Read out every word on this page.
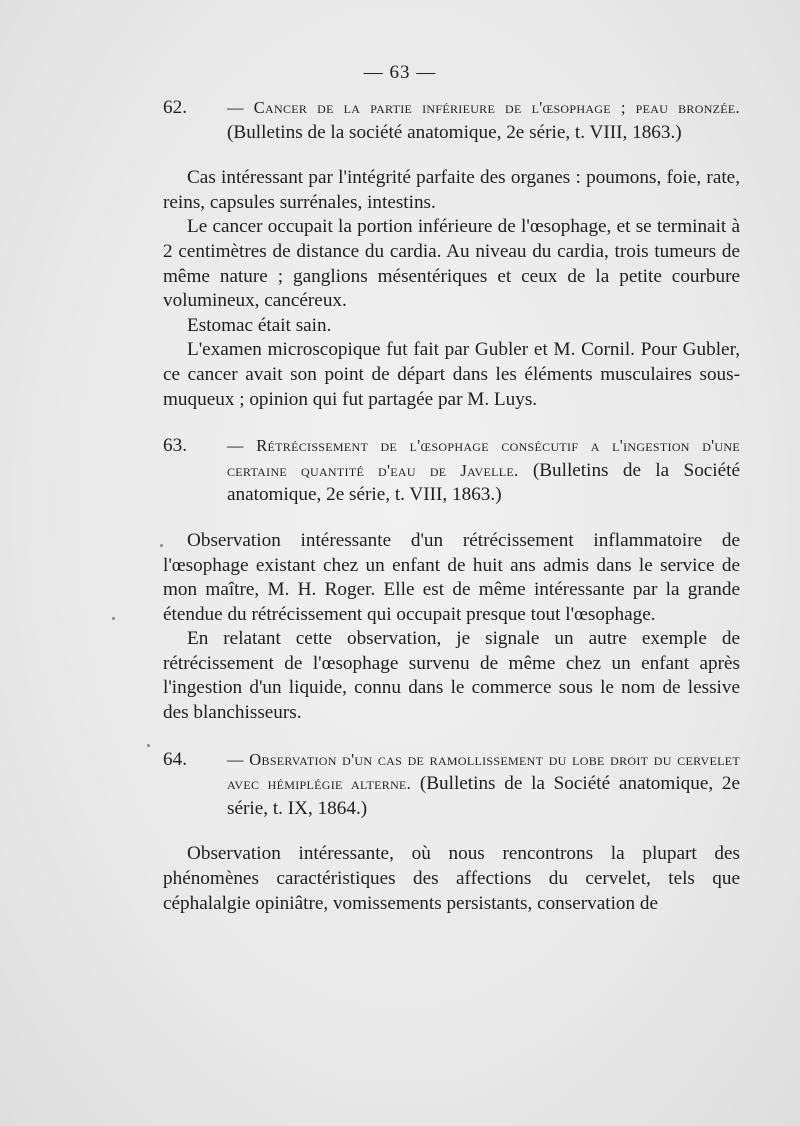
— 63 —

62. — Cancer de la partie inférieure de l'œsophage ; peau bronzée. (Bulletins de la société anatomique, 2e série, t. VIII, 1863.)

Cas intéressant par l'intégrité parfaite des organes : poumons, foie, rate, reins, capsules surrénales, intestins.

Le cancer occupait la portion inférieure de l'œsophage, et se terminait à 2 centimètres de distance du cardia. Au niveau du cardia, trois tumeurs de même nature ; ganglions mésentériques et ceux de la petite courbure volumineux, cancéreux.

Estomac était sain.

L'examen microscopique fut fait par Gubler et M. Cornil. Pour Gubler, ce cancer avait son point de départ dans les éléments musculaires sous-muqueux ; opinion qui fut partagée par M. Luys.

63. — Rétrécissement de l'œsophage consécutif a l'ingestion d'une certaine quantité d'eau de Javelle. (Bulletins de la Société anatomique, 2e série, t. VIII, 1863.)

Observation intéressante d'un rétrécissement inflammatoire de l'œsophage existant chez un enfant de huit ans admis dans le service de mon maître, M. H. Roger. Elle est de même intéressante par la grande étendue du rétrécissement qui occupait presque tout l'œsophage.

En relatant cette observation, je signale un autre exemple de rétrécissement de l'œsophage survenu de même chez un enfant après l'ingestion d'un liquide, connu dans le commerce sous le nom de lessive des blanchisseurs.

64. — Observation d'un cas de ramollissement du lobe droit du cervelet avec hémiplégie alterne. (Bulletins de la Société anatomique, 2e série, t. IX, 1864.)

Observation intéressante, où nous rencontrons la plupart des phénomènes caractéristiques des affections du cervelet, tels que céphalalgie opiniâtre, vomissements persistants, conservation de
